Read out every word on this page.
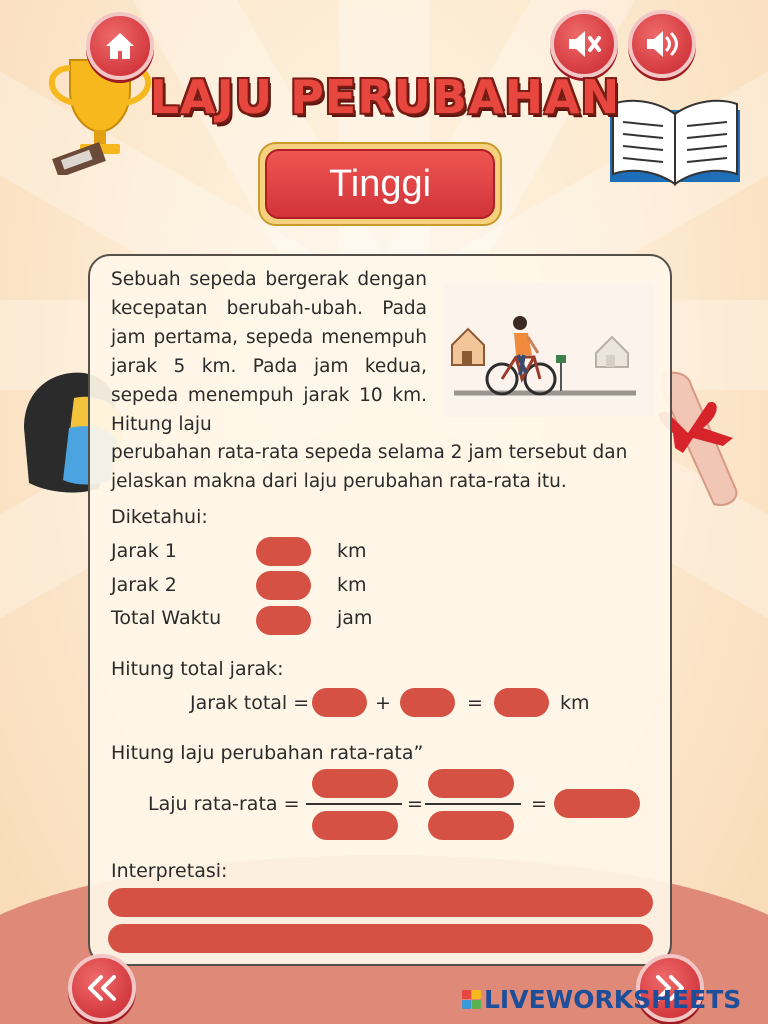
LAJU PERUBAHAN
Tinggi
Sebuah sepeda bergerak dengan kecepatan berubah-ubah. Pada jam pertama, sepeda menempuh jarak 5 km. Pada jam kedua, sepeda menempuh jarak 10 km. Hitung laju
perubahan rata-rata sepeda selama 2 jam tersebut dan jelaskan makna dari laju perubahan rata-rata itu.
Diketahui:
Jarak 1	km
Jarak 2	km
Total Waktu	jam
Hitung total jarak:
Jarak total =	+	=	km
Hitung laju perubahan rata-rata”
Laju rata-rata =	=	=
Interpretasi:
LIVEWORKSHEETS
